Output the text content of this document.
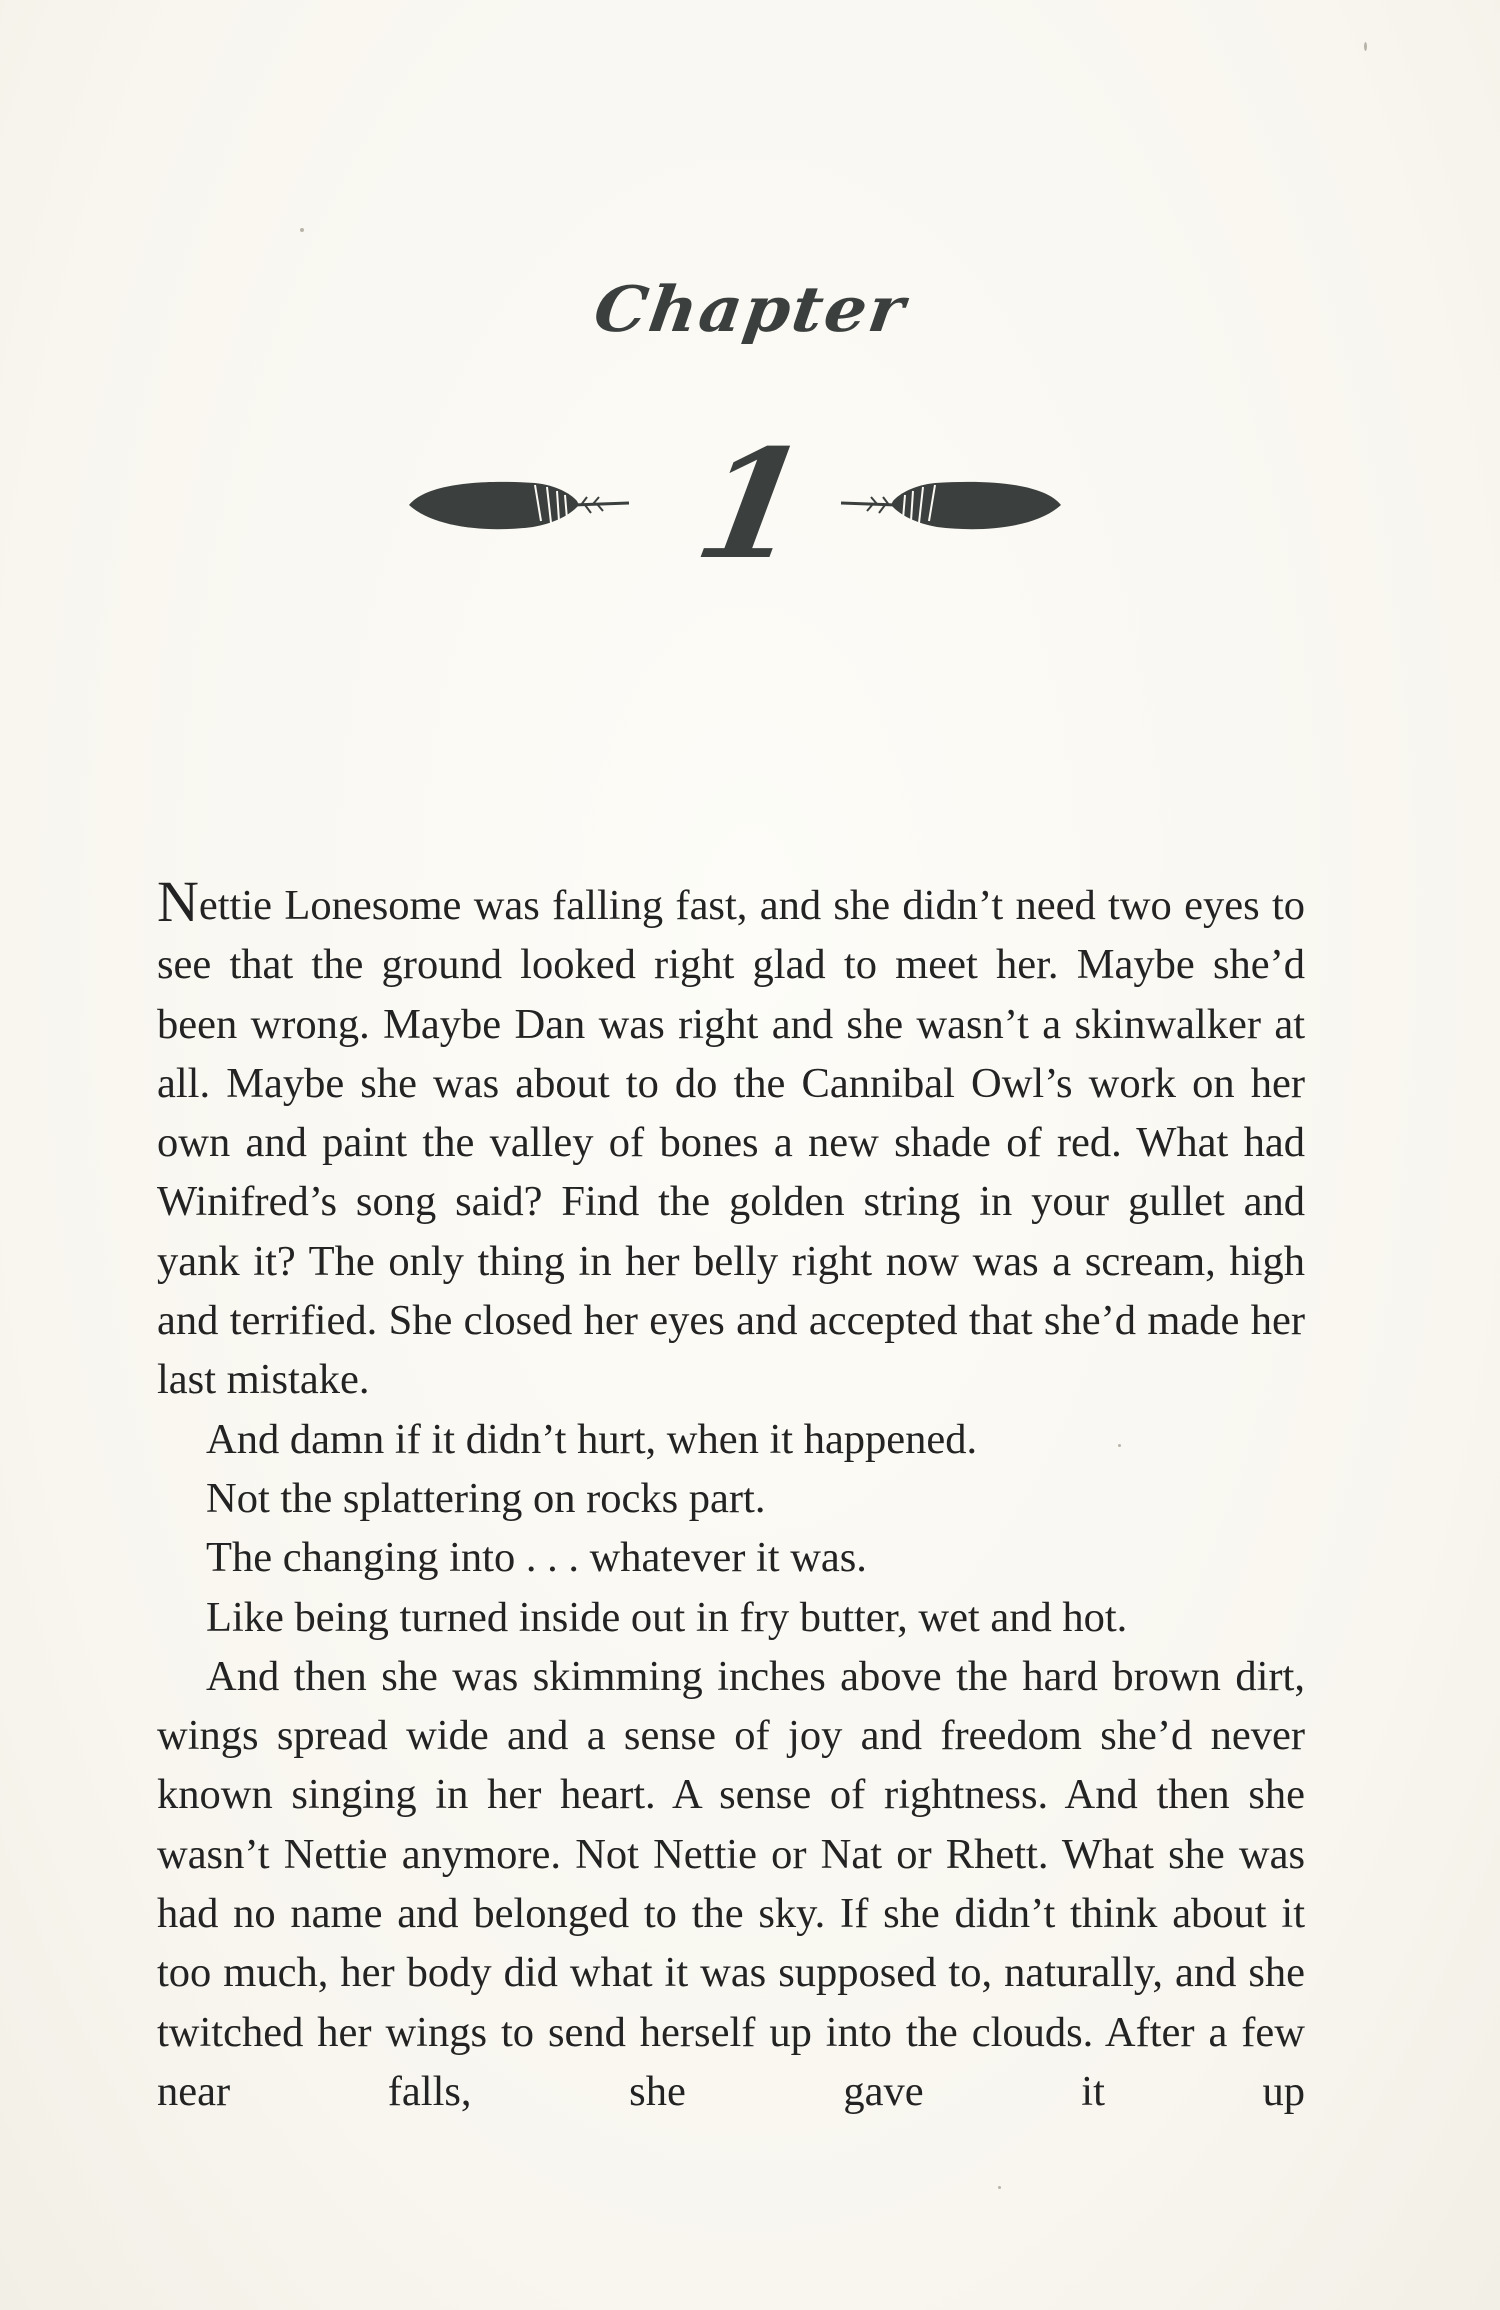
Chapter
1

Nettie Lonesome was falling fast, and she didn’t need two eyes to see that the ground looked right glad to meet her. Maybe she’d been wrong. Maybe Dan was right and she wasn’t a skinwalker at all. Maybe she was about to do the Cannibal Owl’s work on her own and paint the valley of bones a new shade of red. What had Winifred’s song said? Find the golden string in your gullet and yank it? The only thing in her belly right now was a scream, high and terrified. She closed her eyes and accepted that she’d made her last mistake.

And damn if it didn’t hurt, when it happened.

Not the splattering on rocks part.

The changing into . . . whatever it was.

Like being turned inside out in fry butter, wet and hot.

And then she was skimming inches above the hard brown dirt, wings spread wide and a sense of joy and freedom she’d never known singing in her heart. A sense of rightness. And then she wasn’t Nettie anymore. Not Nettie or Nat or Rhett. What she was had no name and belonged to the sky. If she didn’t think about it too much, her body did what it was supposed to, naturally, and she twitched her wings to send herself up into the clouds. After a few near falls, she gave it up
